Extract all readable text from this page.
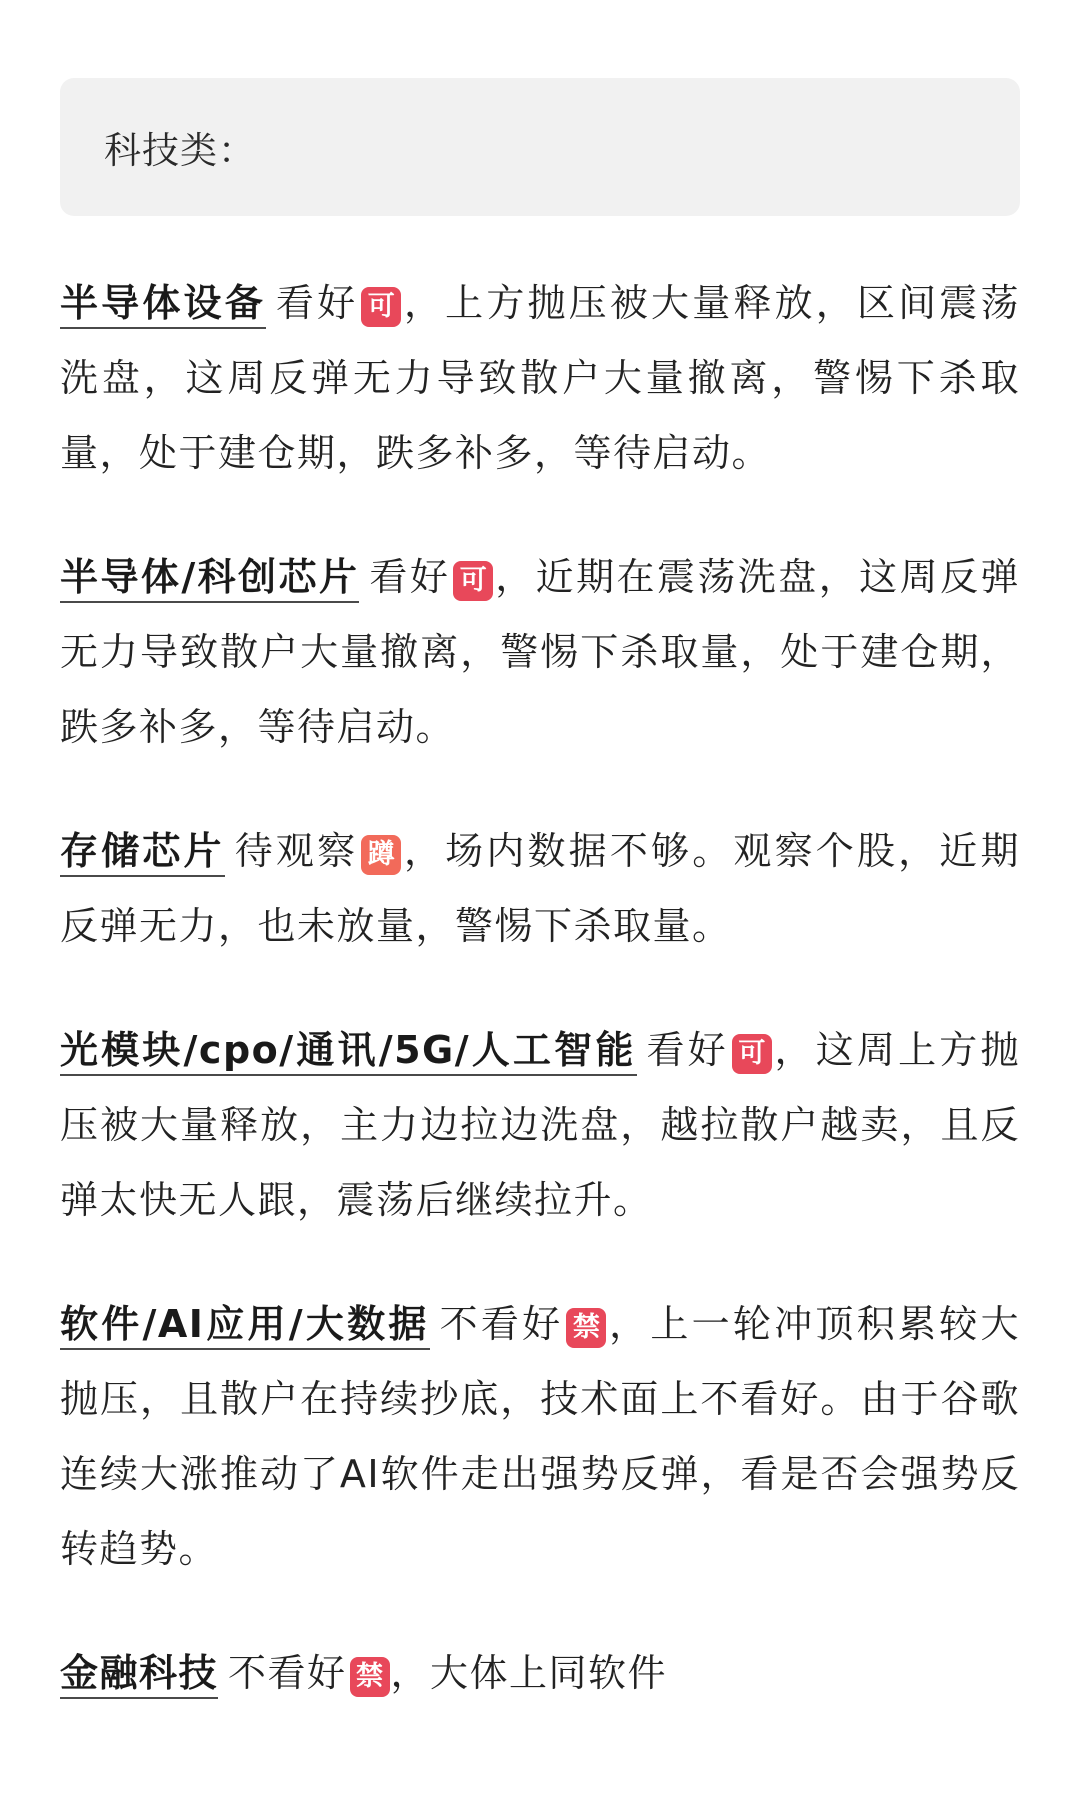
科技类：

半导体设备 看好 可 ，上方抛压被大量释放，区间震荡洗盘，这周反弹无力导致散户大量撤离，警惕下杀取量，处于建仓期，跌多补多，等待启动。

半导体/科创芯片 看好 可 ，近期在震荡洗盘，这周反弹无力导致散户大量撤离，警惕下杀取量，处于建仓期，跌多补多，等待启动。

存储芯片 待观察 蹲 ，场内数据不够。观察个股，近期反弹无力，也未放量，警惕下杀取量。

光模块/cpo/通讯/5G/人工智能 看好 可 ，这周上方抛压被大量释放，主力边拉边洗盘，越拉散户越卖，且反弹太快无人跟，震荡后继续拉升。

软件/AI应用/大数据 不看好 禁 ，上一轮冲顶积累较大抛压，且散户在持续抄底，技术面上不看好。由于谷歌连续大涨推动了AI软件走出强势反弹，看是否会强势反转趋势。

金融科技 不看好 禁 ，大体上同软件
